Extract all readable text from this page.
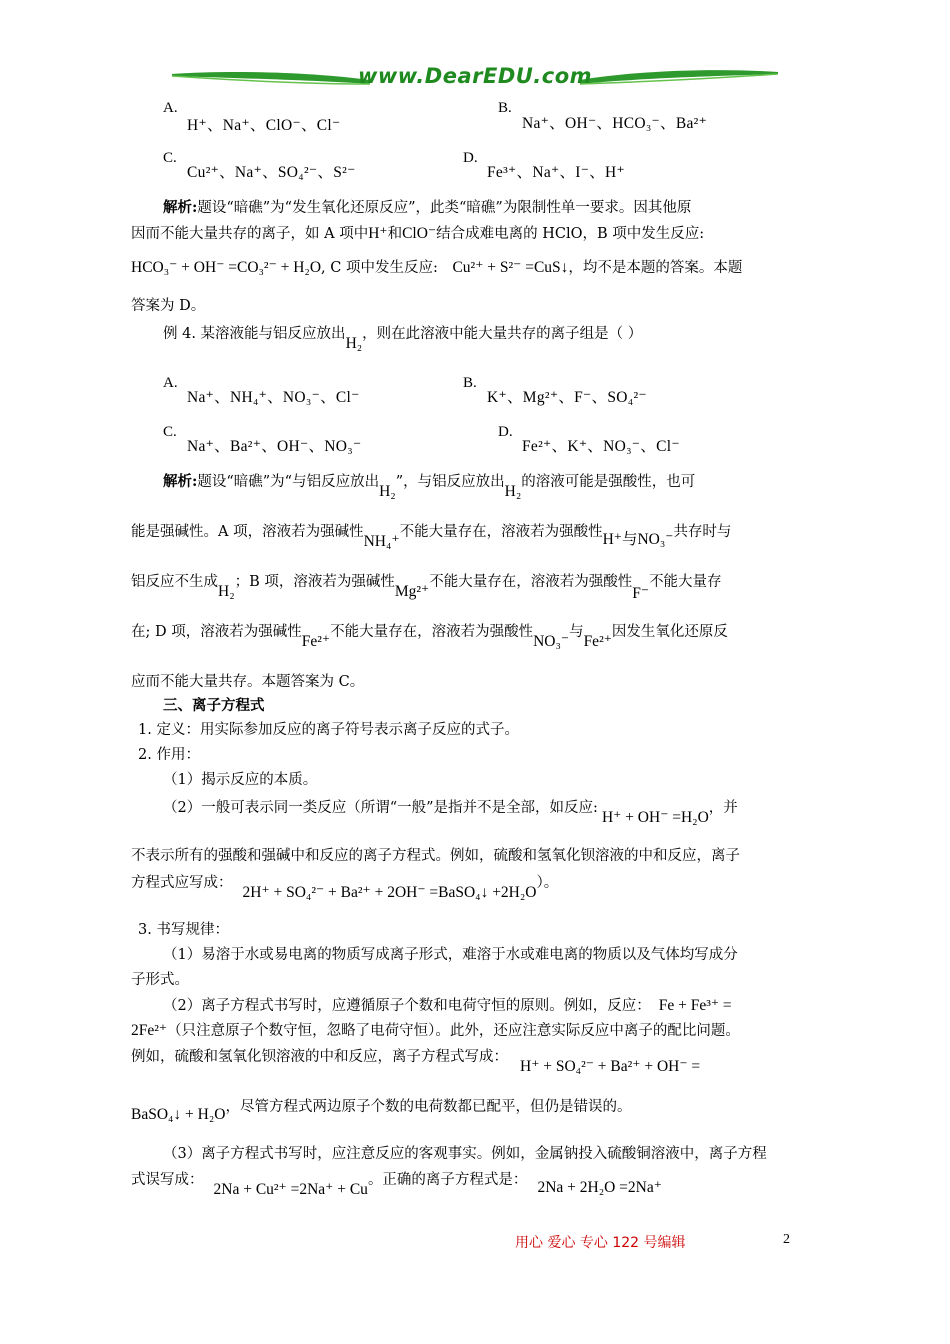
www.DearEDU.com
A.
H⁺、Na⁺、ClO⁻、Cl⁻
B.
Na⁺、OH⁻、HCO₃⁻、Ba²⁺
C.
Cu²⁺、Na⁺、SO₄²⁻、S²⁻
D.
Fe³⁺、Na⁺、I⁻、H⁺
解析:题设“暗礁”为“发生氧化还原反应”，此类“暗礁”为限制性单一要求。因其他原
因而不能大量共存的离子，如 A 项中H⁺和ClO⁻结合成难电离的 HClO，B 项中发生反应:
HCO₃⁻ + OH⁻ =CO₃²⁻ + H₂O, C 项中发生反应: Cu²⁺ + S²⁻ =CuS↓，均不是本题的答案。本题
答案为 D。
例 4. 某溶液能与铝反应放出H₂，则在此溶液中能大量共存的离子组是（ ）
A.
Na⁺、NH₄⁺、NO₃⁻、Cl⁻
B.
K⁺、Mg²⁺、F⁻、SO₄²⁻
C.
Na⁺、Ba²⁺、OH⁻、NO₃⁻
D.
Fe²⁺、K⁺、NO₃⁻、Cl⁻
解析:题设“暗礁”为“与铝反应放出H₂”，与铝反应放出H₂的溶液可能是强酸性，也可
能是强碱性。A 项，溶液若为强碱性NH₄⁺不能大量存在，溶液若为强酸性H⁺与NO₃⁻共存时与
铝反应不生成H₂；B 项，溶液若为强碱性Mg²⁺不能大量存在，溶液若为强酸性F⁻不能大量存
在; D 项，溶液若为强碱性Fe²⁺不能大量存在，溶液若为强酸性NO₃⁻与Fe²⁺因发生氧化还原反
应而不能大量共存。本题答案为 C。
三、离子方程式
1. 定义：用实际参加反应的离子符号表示离子反应的式子。
2. 作用：
（1）揭示反应的本质。
（2）一般可表示同一类反应（所谓“一般”是指并不是全部，如反应:H⁺ + OH⁻ =H₂O，并
不表示所有的强酸和强碱中和反应的离子方程式。例如，硫酸和氢氧化钡溶液的中和反应，离子
方程式应写成：2H⁺ + SO₄²⁻ + Ba²⁺ + 2OH⁻ =BaSO₄↓ +2H₂O）。
3. 书写规律：
（1）易溶于水或易电离的物质写成离子形式，难溶于水或难电离的物质以及气体均写成分
子形式。
（2）离子方程式书写时，应遵循原子个数和电荷守恒的原则。例如，反应： Fe + Fe³⁺ =
2Fe²⁺（只注意原子个数守恒，忽略了电荷守恒）。此外，还应注意实际反应中离子的配比问题。
例如，硫酸和氢氧化钡溶液的中和反应，离子方程式写成：H⁺ + SO₄²⁻ + Ba²⁺ + OH⁻ =
BaSO₄↓ + H₂O，尽管方程式两边原子个数的电荷数都已配平，但仍是错误的。
（3）离子方程式书写时，应注意反应的客观事实。例如，金属钠投入硫酸铜溶液中，离子方程
式误写成：2Na + Cu²⁺ =2Na⁺ + Cu。正确的离子方程式是： 2Na + 2H₂O =2Na⁺
用心 爱心 专心 122 号编辑	2
